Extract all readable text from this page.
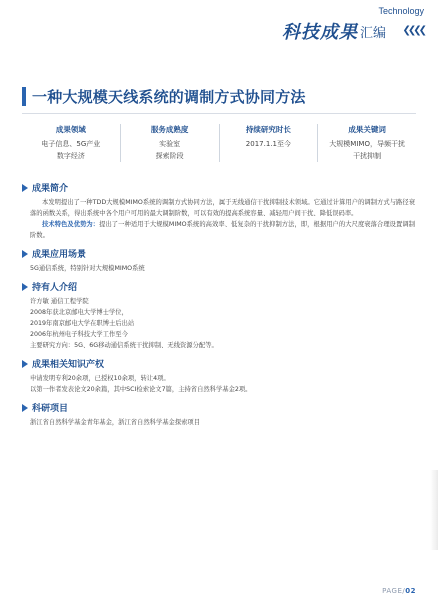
Technology
科技成果 汇编 ❮❮❮❮
一种大规模天线系统的调制方式协同方法
成果领域
电子信息、5G产业
数字经济
服务成熟度
实验室
探索阶段
持续研究时长
2017.1.1至今
成果关键词
大规模MIMO，导频干扰
干扰抑制
成果简介

本发明提出了一种TDD大规模MIMO系统的调制方式协同方法，属于无线通信干扰抑制技术领域。它通过计算用户的调制方式与路径衰落的函数关系，得出系统中各个用户可用的最大调制阶数，可以有效的提高系统容量、减轻用户间干扰、降低误码率。

技术特色及优势为：提出了一种适用于大规模MIMO系统的高效率、低复杂的干扰抑制方法，即，根据用户的大尺度衰落合理设置调制阶数。

成果应用场景

5G通信系统，特别针对大规模MIMO系统

持有人介绍

许方敏 通信工程学院

2008年获北京邮电大学博士学位，

2019年南京邮电大学在职博士后出站

2006年杭州电子科技大学工作至今

主要研究方向：5G、6G移动通信系统干扰抑制、无线资源分配等。

成果相关知识产权

申请发明专利20余项，已授权10余项，转让4项。

以第一作者发表论文20余篇，其中SCI检索论文7篇，主持省自然科学基金2项。

科研项目

浙江省自然科学基金青年基金，浙江省自然科学基金探索项目

PAGE/02
